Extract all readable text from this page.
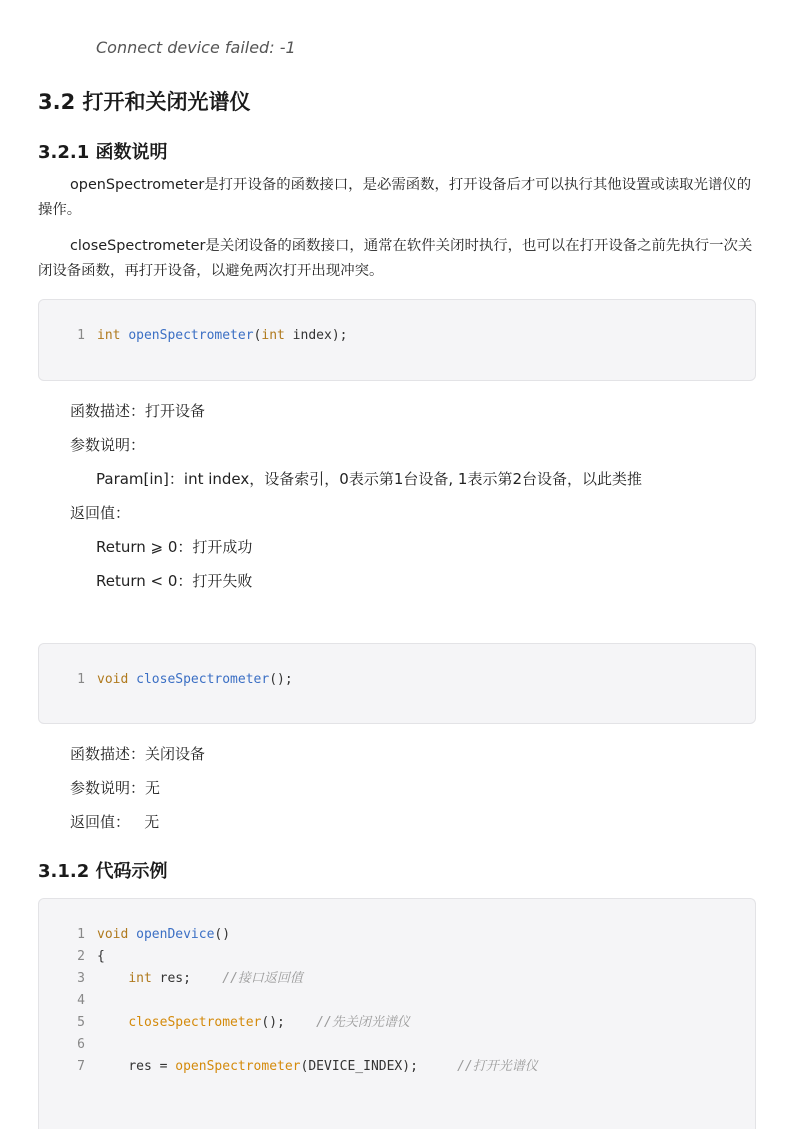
Connect device failed: -1
3.2 打开和关闭光谱仪
3.2.1 函数说明
openSpectrometer是打开设备的函数接口，是必需函数，打开设备后才可以执行其他设置或读取光谱仪的操作。
closeSpectrometer是关闭设备的函数接口，通常在软件关闭时执行，也可以在打开设备之前先执行一次关闭设备函数，再打开设备，以避免两次打开出现冲突。
1 int openSpectrometer(int index);
函数描述：打开设备
参数说明：
Param[in]：int index，设备索引，0表示第1台设备, 1表示第2台设备，以此类推
返回值：
Return ⩾ 0：打开成功
Return < 0：打开失败
1 void closeSpectrometer();
函数描述：关闭设备
参数说明：无
返回值：   无
3.1.2 代码示例
1 void openDevice()
2 {
3	int res; //接口返回值
4
5	closeSpectrometer(); //先关闭光谱仪
6
7	res = openSpectrometer(DEVICE_INDEX);	//打开光谱仪
